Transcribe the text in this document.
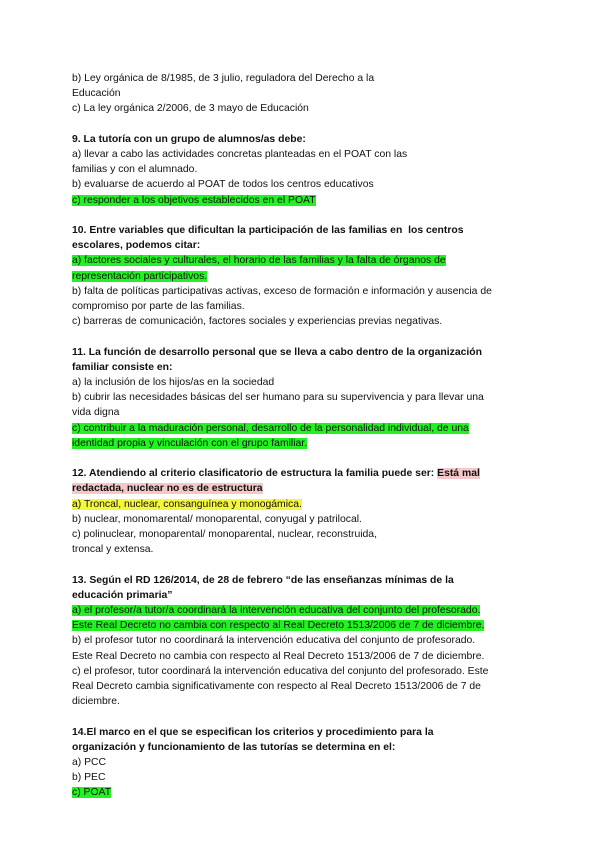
b) Ley orgánica de 8/1985, de 3 julio, reguladora del Derecho a la
Educación
c) La ley orgánica 2/2006, de 3 mayo de Educación
9. La tutoría con un grupo de alumnos/as debe:
a) llevar a cabo las actividades concretas planteadas en el POAT con las
familias y con el alumnado.
b) evaluarse de acuerdo al POAT de todos los centros educativos
c) responder a los objetivos establecidos en el POAT
10. Entre variables que dificultan la participación de las familias en  los centros
escolares, podemos citar:
a) factores sociales y culturales, el horario de las familias y la falta de órganos de
representación participativos.
b) falta de políticas participativas activas, exceso de formación e información y ausencia de
compromiso por parte de las familias.
c) barreras de comunicación, factores sociales y experiencias previas negativas.
11. La función de desarrollo personal que se lleva a cabo dentro de la organización
familiar consiste en:
a) la inclusión de los hijos/as en la sociedad
b) cubrir las necesidades básicas del ser humano para su supervivencia y para llevar una
vida digna
c) contribuir a la maduración personal, desarrollo de la personalidad individual, de una
identidad propia y vinculación con el grupo familiar.
12. Atendiendo al criterio clasificatorio de estructura la familia puede ser: Está mal
redactada, nuclear no es de estructura
a) Troncal, nuclear, consanguínea y monogámica.
b) nuclear, monomarental/ monoparental, conyugal y patrilocal.
c) polinuclear, monoparental/ monoparental, nuclear, reconstruida,
troncal y extensa.
13. Según el RD 126/2014, de 28 de febrero “de las enseñanzas mínimas de la
educación primaria”
a) el profesor/a tutor/a coordinará la intervención educativa del conjunto del profesorado.
Este Real Decreto no cambia con respecto al Real Decreto 1513/2006 de 7 de diciembre.
b) el profesor tutor no coordinará la intervención educativa del conjunto de profesorado.
Este Real Decreto no cambia con respecto al Real Decreto 1513/2006 de 7 de diciembre.
c) el profesor, tutor coordinará la intervención educativa del conjunto del profesorado. Este
Real Decreto cambia significativamente con respecto al Real Decreto 1513/2006 de 7 de
diciembre.
14.El marco en el que se especifican los criterios y procedimiento para la
organización y funcionamiento de las tutorías se determina en el:
a) PCC
b) PEC
c) POAT
